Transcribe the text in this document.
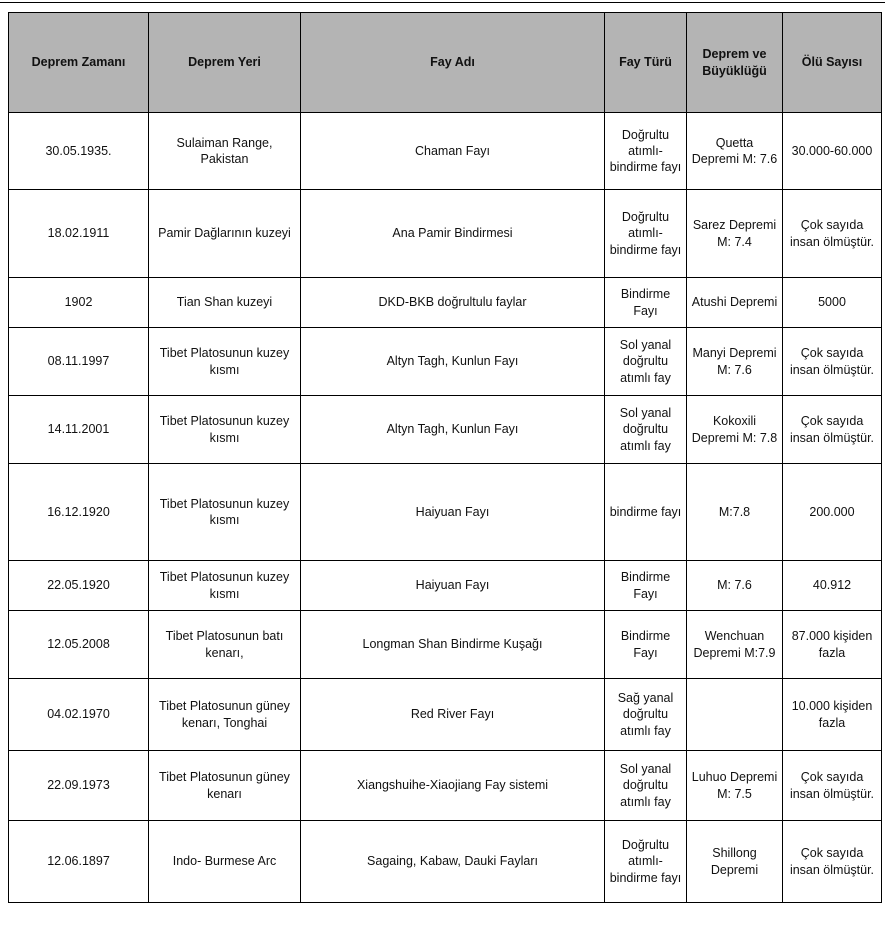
Deprem Zamanı	Deprem Yeri	Fay Adı	Fay Türü	Deprem ve Büyüklüğü	Ölü Sayısı
30.05.1935.	Sulaiman Range, Pakistan	Chaman Fayı	Doğrultu atımlı-bindirme fayı	Quetta Depremi M: 7.6	30.000-60.000
18.02.1911	Pamir Dağlarının kuzeyi	Ana Pamir Bindirmesi	Doğrultu atımlı-bindirme fayı	Sarez Depremi M: 7.4	Çok sayıda insan ölmüştür.
1902	Tian Shan kuzeyi	DKD-BKB doğrultulu faylar	Bindirme Fayı	Atushi Depremi	5000
08.11.1997	Tibet Platosunun kuzey kısmı	Altyn Tagh, Kunlun Fayı	Sol yanal doğrultu atımlı fay	Manyi Depremi M: 7.6	Çok sayıda insan ölmüştür.
14.11.2001	Tibet Platosunun kuzey kısmı	Altyn Tagh, Kunlun Fayı	Sol yanal doğrultu atımlı fay	Kokoxili Depremi M: 7.8	Çok sayıda insan ölmüştür.
16.12.1920	Tibet Platosunun kuzey kısmı	Haiyuan Fayı	bindirme fayı	M:7.8	200.000
22.05.1920	Tibet Platosunun kuzey kısmı	Haiyuan Fayı	Bindirme Fayı	M: 7.6	40.912
12.05.2008	Tibet Platosunun batı kenarı,	Longman Shan Bindirme Kuşağı	Bindirme Fayı	Wenchuan Depremi M:7.9	87.000 kişiden fazla
04.02.1970	Tibet Platosunun güney kenarı, Tonghai	Red River Fayı	Sağ yanal doğrultu atımlı fay		10.000 kişiden fazla
22.09.1973	Tibet Platosunun güney kenarı	Xiangshuihe-Xiaojiang Fay sistemi	Sol yanal doğrultu atımlı fay	Luhuo Depremi M: 7.5	Çok sayıda insan ölmüştür.
12.06.1897	Indo- Burmese Arc	Sagaing, Kabaw, Dauki Fayları	Doğrultu atımlı-bindirme fayı	Shillong Depremi	Çok sayıda insan ölmüştür.
